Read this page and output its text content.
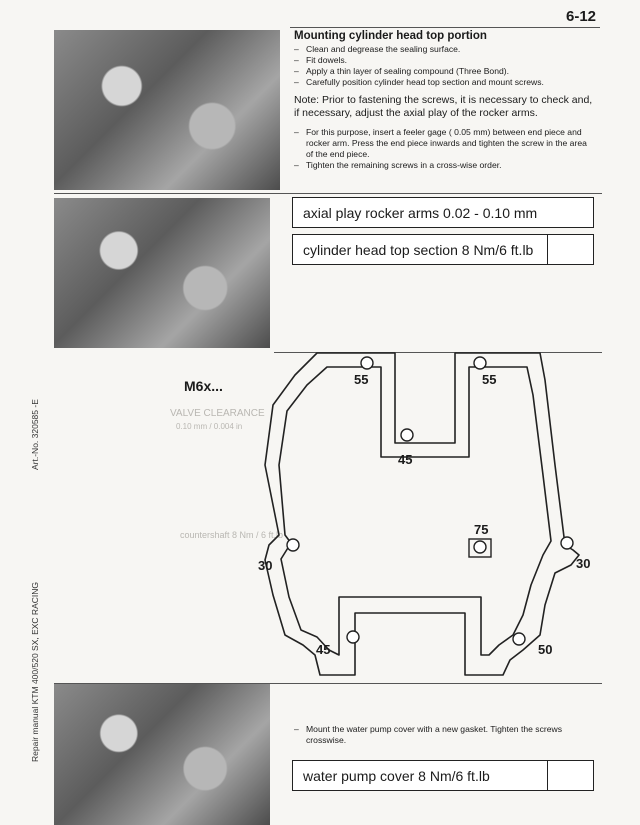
6-12
Art.-No. 320585 -E
Repair manual KTM 400/520 SX, EXC RACING
Mounting cylinder head top portion
– Clean and degrease the sealing surface.
– Fit dowels.
– Apply a thin layer of sealing compound (Three Bond).
– Carefully position cylinder head top section and mount screws.
Note: Prior to fastening the screws, it is necessary to check and, if necessary, adjust the axial play of the rocker arms.
– For this purpose, insert a feeler gage ( 0.05 mm) between end piece and rocker arm. Press the end piece inwards and tighten the screw in the area of the end piece.
– Tighten the remaining screws in a cross-wise order.
axial play rocker arms 0.02 - 0.10 mm
cylinder head top section 8 Nm/6 ft.lb
VALVE CLEARANCE
0.10 mm / 0.004 in
countershaft 8 Nm / 6 ft.lb
M6x...	55	55
45
75
30	30
45	50
– Mount the water pump cover with a new gasket. Tighten the screws crosswise.
water pump cover 8 Nm/6 ft.lb
